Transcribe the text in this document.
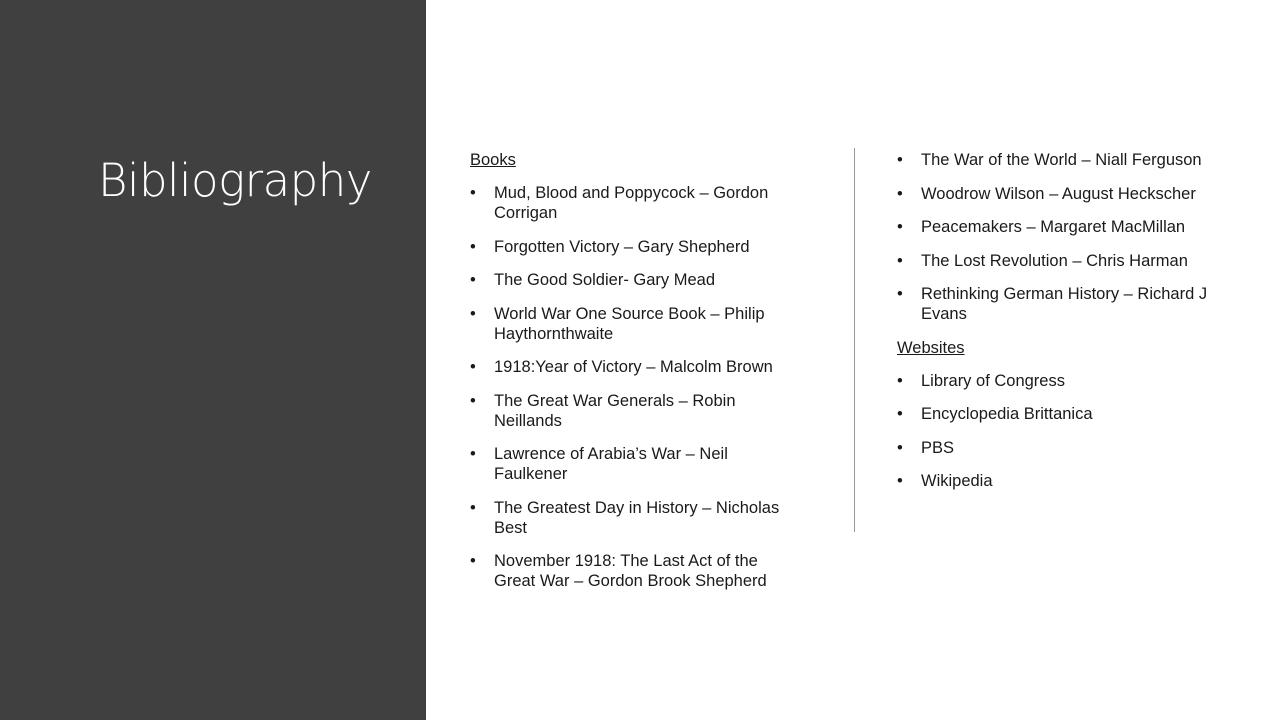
Bibliography	Books
• Mud, Blood and Poppycock – Gordon Corrigan
• Forgotten Victory – Gary Shepherd
• The Good Soldier- Gary Mead
• World War One Source Book – Philip Haythornthwaite
• 1918:Year of Victory – Malcolm Brown
• The Great War Generals – Robin Neillands
• Lawrence of Arabia’s War – Neil Faulkener
• The Greatest Day in History – Nicholas Best
• November 1918: The Last Act of the Great War – Gordon Brook Shepherd
• The War of the World – Niall Ferguson
• Woodrow Wilson – August Heckscher
• Peacemakers – Margaret MacMillan
• The Lost Revolution – Chris Harman
• Rethinking German History – Richard J Evans
Websites
• Library of Congress
• Encyclopedia Brittanica
• PBS
• Wikipedia
